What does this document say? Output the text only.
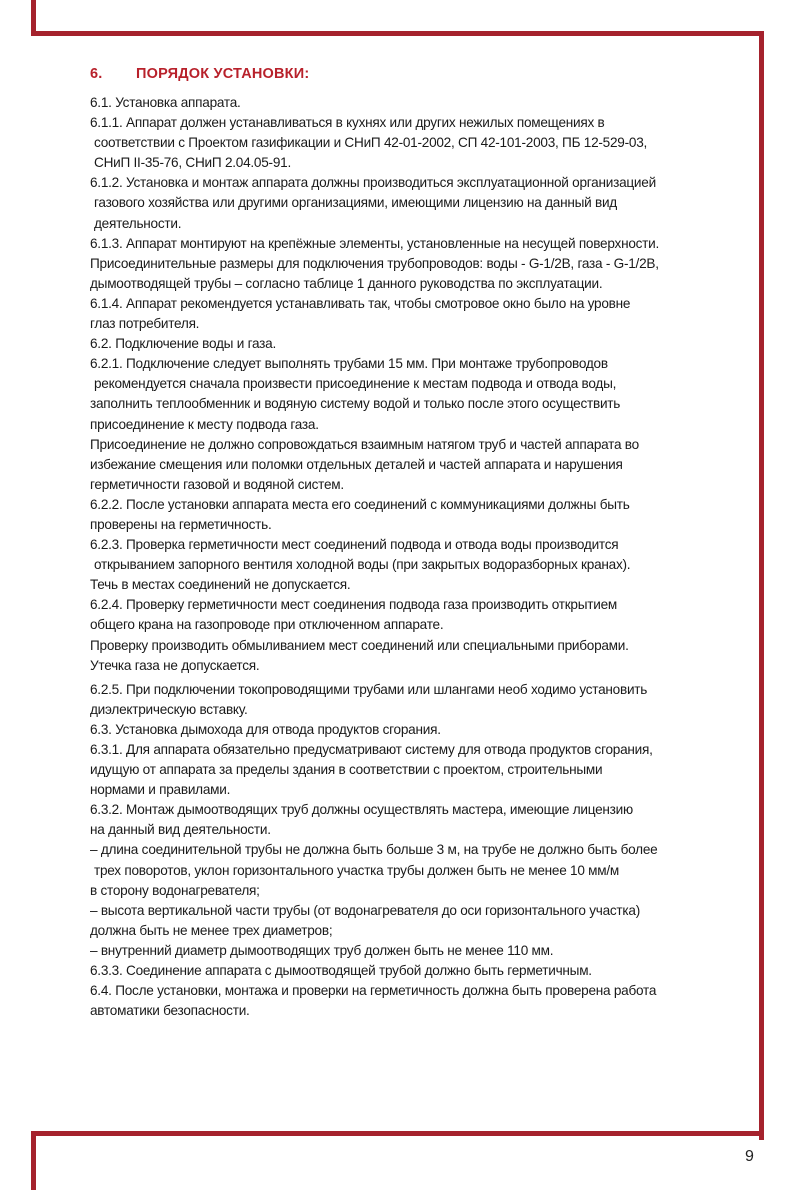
6. ПОРЯДОК УСТАНОВКИ:
6.1. Установка аппарата.
6.1.1. Аппарат должен устанавливаться в кухнях или других нежилых помещениях в
соответствии с Проектом газификации и СНиП 42-01-2002, СП 42-101-2003, ПБ 12-529-03,
СНиП II-35-76, СНиП 2.04.05-91.
6.1.2. Установка и монтаж аппарата должны производиться эксплуатационной организацией
газового хозяйства или другими организациями, имеющими лицензию на данный вид
деятельности.
6.1.3. Аппарат монтируют на крепёжные элементы, установленные на несущей поверхности.
Присоединительные размеры для подключения трубопроводов: воды - G-1/2В, газа - G-1/2В,
дымоотводящей трубы – согласно таблице 1 данного руководства по эксплуатации.
6.1.4. Аппарат рекомендуется устанавливать так, чтобы смотровое окно было на уровне
глаз потребителя.
6.2. Подключение воды и газа.
6.2.1. Подключение следует выполнять трубами 15 мм. При монтаже трубопроводов
рекомендуется сначала произвести присоединение к местам подвода и отвода воды,
заполнить теплообменник и водяную систему водой и только после этого осуществить
присоединение к месту подвода газа.
Присоединение не должно сопровождаться взаимным натягом труб и частей аппарата во
избежание смещения или поломки отдельных деталей и частей аппарата и нарушения
герметичности газовой и водяной систем.
6.2.2. После установки аппарата места его соединений с коммуникациями должны быть
проверены на герметичность.
6.2.3. Проверка герметичности мест соединений подвода и отвода воды производится
открыванием запорного вентиля холодной воды (при закрытых водоразборных кранах).
Течь в местах соединений не допускается.
6.2.4. Проверку герметичности мест соединения подвода газа производить открытием
общего крана на газопроводе при отключенном аппарате.
Проверку производить обмыливанием мест соединений или специальными приборами.
Утечка газа не допускается.
6.2.5. При подключении токопроводящими трубами или шлангами необ ходимо установить
диэлектрическую вставку.
6.3. Установка дымохода для отвода продуктов сгорания.
6.3.1. Для аппарата обязательно предусматривают систему для отвода продуктов сгорания,
идущую от аппарата за пределы здания в соответствии с проектом, строительными
нормами и правилами.
6.3.2. Монтаж дымоотводящих труб должны осуществлять мастера, имеющие лицензию
на данный вид деятельности.
– длина соединительной трубы не должна быть больше 3 м, на трубе не должно быть более
трех поворотов, уклон горизонтального участка трубы должен быть не менее 10 мм/м
в сторону водонагревателя;
– высота вертикальной части трубы (от водонагревателя до оси горизонтального участка)
должна быть не менее трех диаметров;
– внутренний диаметр дымоотводящих труб должен быть не менее 110 мм.
6.3.3. Соединение аппарата с дымоотводящей трубой должно быть герметичным.
6.4. После установки, монтажа и проверки на герметичность должна быть проверена работа
автоматики безопасности.
9
